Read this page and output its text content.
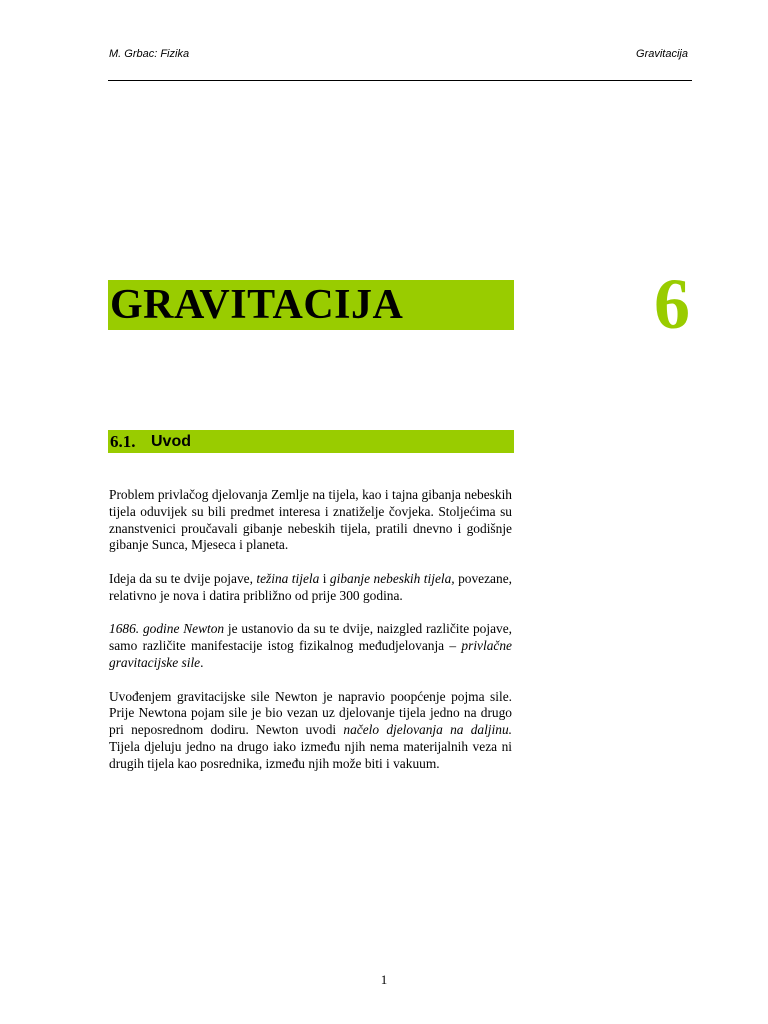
M. Grbac: Fizika	Gravitacija
GRAVITACIJA	6
6.1. Uvod

Problem privlačog djelovanja Zemlje na tijela, kao i tajna gibanja nebeskih tijela oduvijek su bili predmet interesa i znatiželje čovjeka. Stoljećima su znanstvenici proučavali gibanje nebeskih tijela, pratili dnevno i godišnje gibanje Sunca, Mjeseca i planeta.

Ideja da su te dvije pojave, težina tijela i gibanje nebeskih tijela, povezane, relativno je nova i datira približno od prije 300 godina.

1686. godine Newton je ustanovio da su te dvije, naizgled različite pojave, samo različite manifestacije istog fizikalnog međudjelovanja – privlačne gravitacijske sile.

Uvođenjem gravitacijske sile Newton je napravio poopćenje pojma sile. Prije Newtona pojam sile je bio vezan uz djelovanje tijela jedno na drugo pri neposrednom dodiru. Newton uvodi načelo djelovanja na daljinu. Tijela djeluju jedno na drugo iako između njih nema materijalnih veza ni drugih tijela kao posrednika, između njih može biti i vakuum.

1
